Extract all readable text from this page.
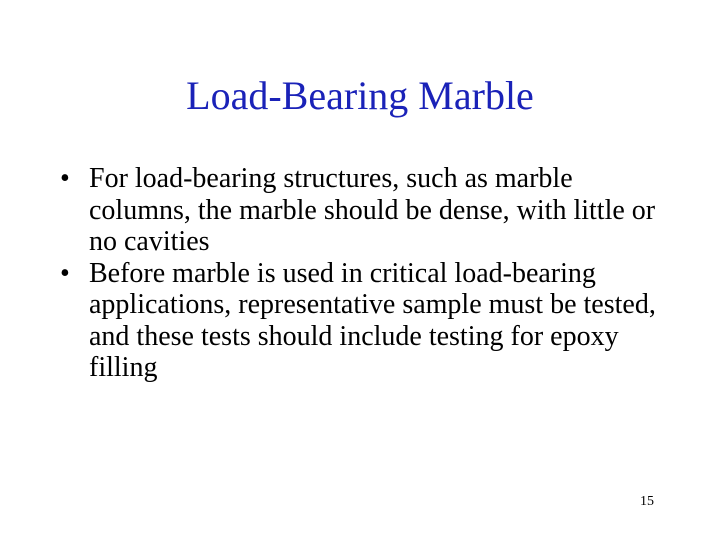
Load-Bearing Marble
• For load-bearing structures, such as marble columns, the marble should be dense, with little or no cavities
• Before marble is used in critical load-bearing applications, representative sample must be tested, and these tests should include testing for epoxy filling
15
